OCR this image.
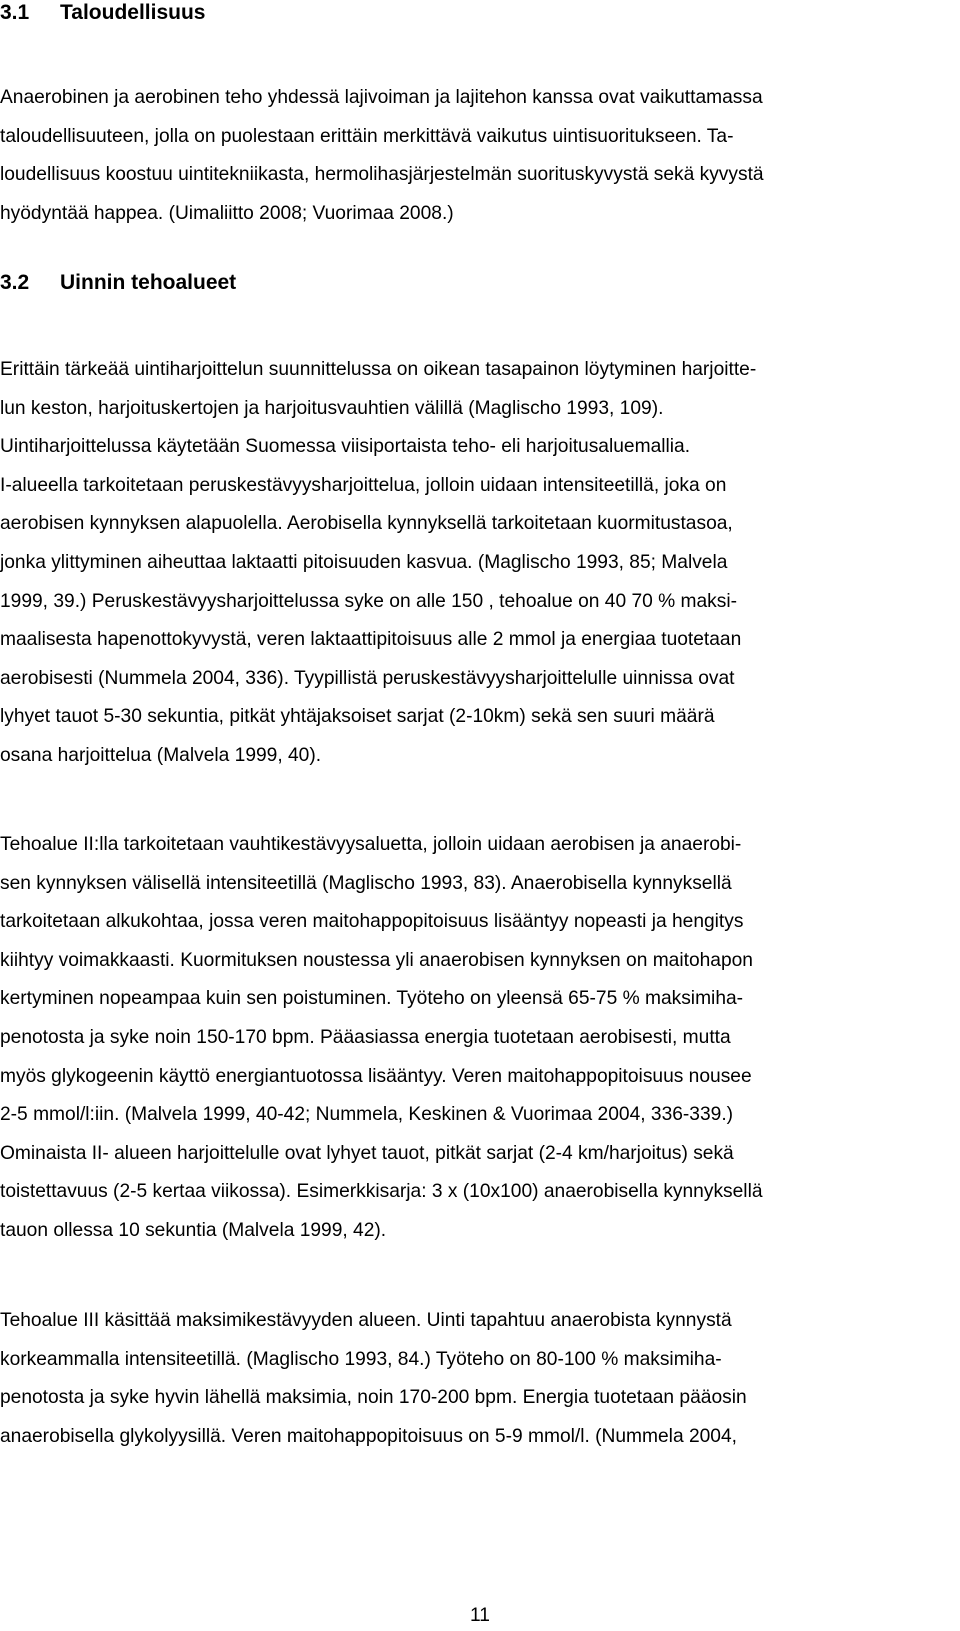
3.1 Taloudellisuus

Anaerobinen ja aerobinen teho yhdessä lajivoiman ja lajitehon kanssa ovat vaikuttamassa
taloudellisuuteen, jolla on puolestaan erittäin merkittävä vaikutus uintisuoritukseen. Ta-
loudellisuus koostuu uintitekniikasta, hermolihasjärjestelmän suorituskyvystä sekä kyvystä
hyödyntää happea. (Uimaliitto 2008; Vuorimaa 2008.)

3.2 Uinnin tehoalueet

Erittäin tärkeää uintiharjoittelun suunnittelussa on oikean tasapainon löytyminen harjoitte-
lun keston, harjoituskertojen ja harjoitusvauhtien välillä (Maglischo 1993, 109).
Uintiharjoittelussa käytetään Suomessa viisiportaista teho- eli harjoitusaluemallia.
I-alueella tarkoitetaan peruskestävyysharjoittelua, jolloin uidaan intensiteetillä, joka on
aerobisen kynnyksen alapuolella. Aerobisella kynnyksellä tarkoitetaan kuormitustasoa,
jonka ylittyminen aiheuttaa laktaatti pitoisuuden kasvua. (Maglischo 1993, 85; Malvela
1999, 39.) Peruskestävyysharjoittelussa syke on alle 150 , tehoalue on 40 70 % maksi-
maalisesta hapenottokyvystä, veren laktaattipitoisuus alle 2 mmol ja energiaa tuotetaan
aerobisesti (Nummela 2004, 336). Tyypillistä peruskestävyysharjoittelulle uinnissa ovat
lyhyet tauot 5-30 sekuntia, pitkät yhtäjaksoiset sarjat (2-10km) sekä sen suuri määrä
osana harjoittelua (Malvela 1999, 40).

Tehoalue II:lla tarkoitetaan vauhtikestävyysaluetta, jolloin uidaan aerobisen ja anaerobi-
sen kynnyksen välisellä intensiteetillä (Maglischo 1993, 83). Anaerobisella kynnyksellä
tarkoitetaan alkukohtaa, jossa veren maitohappopitoisuus lisääntyy nopeasti ja hengitys
kiihtyy voimakkaasti. Kuormituksen noustessa yli anaerobisen kynnyksen on maitohapon
kertyminen nopeampaa kuin sen poistuminen. Työteho on yleensä 65-75 % maksimiha-
penotosta ja syke noin 150-170 bpm. Pääasiassa energia tuotetaan aerobisesti, mutta
myös glykogeenin käyttö energiantuotossa lisääntyy. Veren maitohappopitoisuus nousee
2-5 mmol/l:iin. (Malvela 1999, 40-42; Nummela, Keskinen & Vuorimaa 2004, 336-339.)
Ominaista II- alueen harjoittelulle ovat lyhyet tauot, pitkät sarjat (2-4 km/harjoitus) sekä
toistettavuus (2-5 kertaa viikossa). Esimerkkisarja: 3 x (10x100) anaerobisella kynnyksellä
tauon ollessa 10 sekuntia (Malvela 1999, 42).

Tehoalue III käsittää maksimikestävyyden alueen. Uinti tapahtuu anaerobista kynnystä
korkeammalla intensiteetillä. (Maglischo 1993, 84.) Työteho on 80-100 % maksimiha-
penotosta ja syke hyvin lähellä maksimia, noin 170-200 bpm. Energia tuotetaan pääosin
anaerobisella glykolyysillä. Veren maitohappopitoisuus on 5-9 mmol/l. (Nummela 2004,

11
